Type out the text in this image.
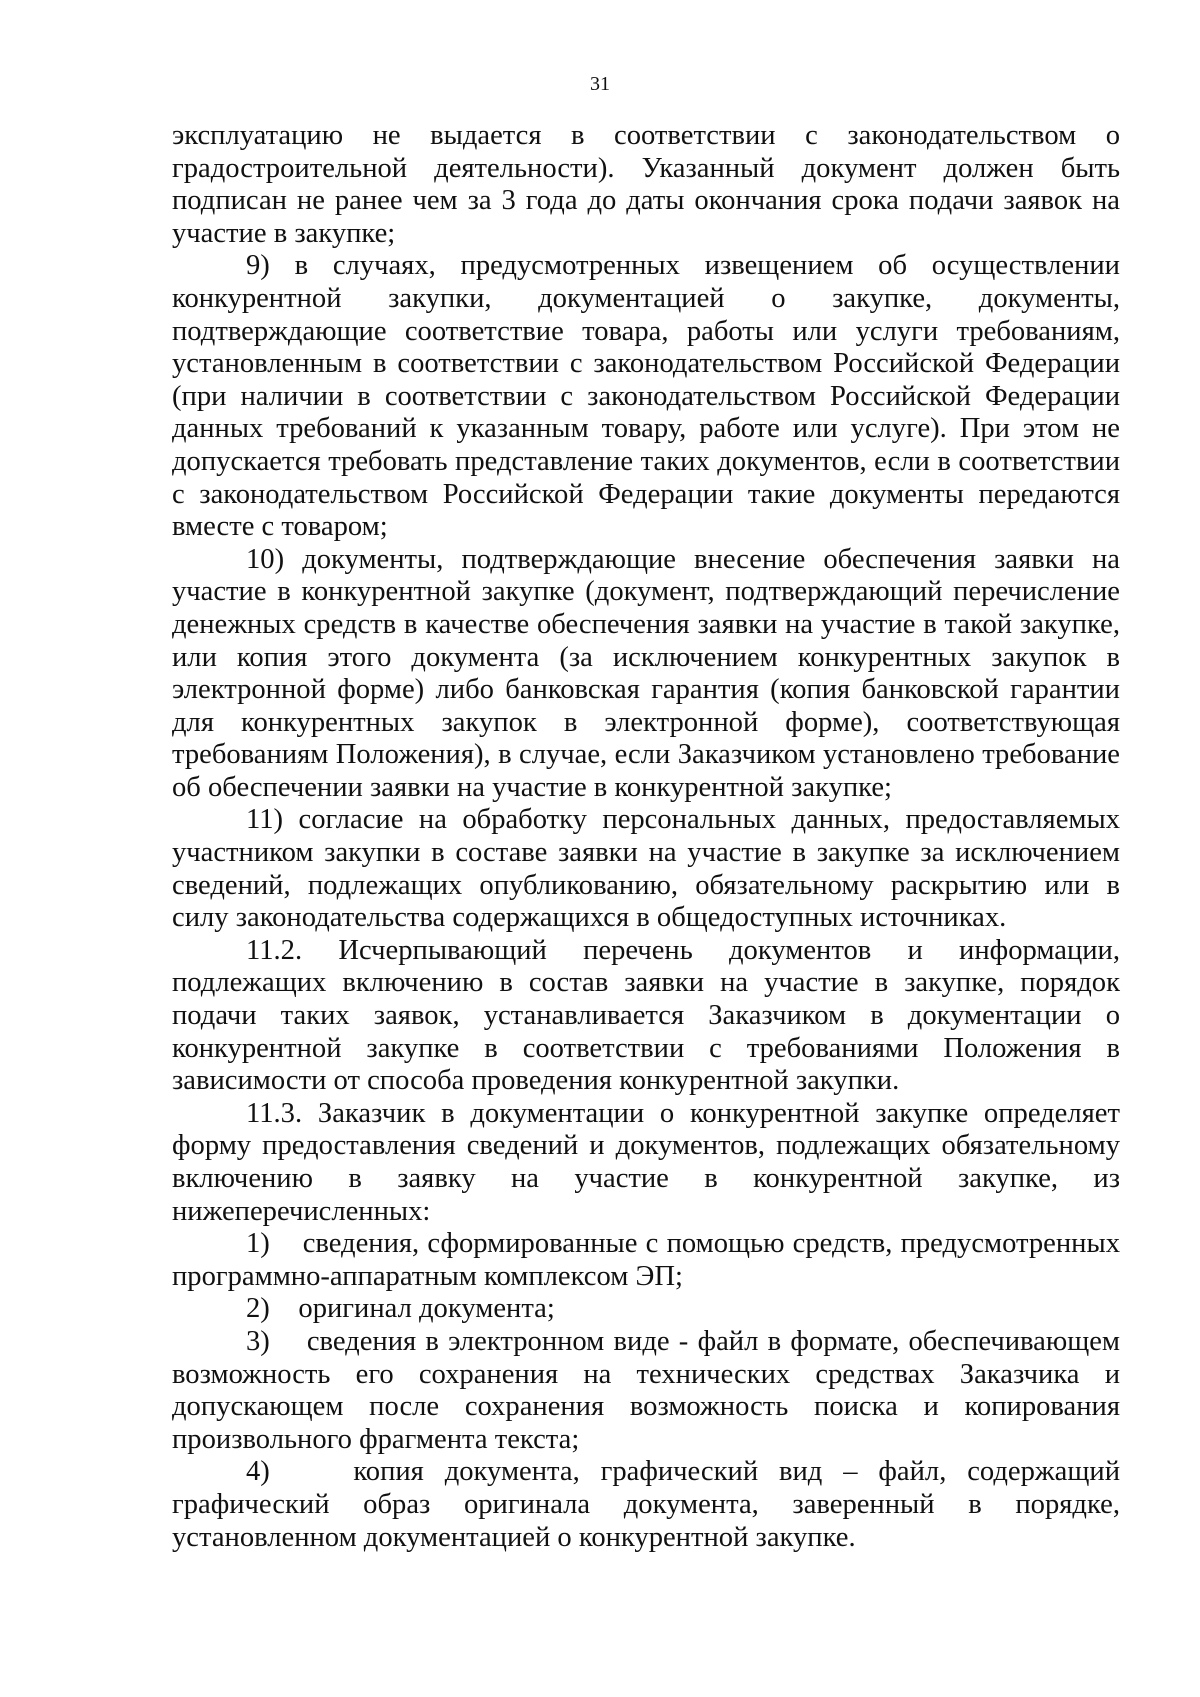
31

эксплуатацию не выдается в соответствии с законодательством о градостроительной деятельности). Указанный документ должен быть подписан не ранее чем за 3 года до даты окончания срока подачи заявок на участие в закупке;

9) в случаях, предусмотренных извещением об осуществлении конкурентной закупки, документацией о закупке, документы, подтверждающие соответствие товара, работы или услуги требованиям, установленным в соответствии с законодательством Российской Федерации (при наличии в соответствии с законодательством Российской Федерации данных требований к указанным товару, работе или услуге). При этом не допускается требовать представление таких документов, если в соответствии с законодательством Российской Федерации такие документы передаются вместе с товаром;

10) документы, подтверждающие внесение обеспечения заявки на участие в конкурентной закупке (документ, подтверждающий перечисление денежных средств в качестве обеспечения заявки на участие в такой закупке, или копия этого документа (за исключением конкурентных закупок в электронной форме) либо банковская гарантия (копия банковской гарантии для конкурентных закупок в электронной форме), соответствующая требованиям Положения), в случае, если Заказчиком установлено требование об обеспечении заявки на участие в конкурентной закупке;

11) согласие на обработку персональных данных, предоставляемых участником закупки в составе заявки на участие в закупке за исключением сведений, подлежащих опубликованию, обязательному раскрытию или в силу законодательства содержащихся в общедоступных источниках.

11.2. Исчерпывающий перечень документов и информации, подлежащих включению в состав заявки на участие в закупке, порядок подачи таких заявок, устанавливается Заказчиком в документации о конкурентной закупке в соответствии с требованиями Положения в зависимости от способа проведения конкурентной закупки.

11.3. Заказчик в документации о конкурентной закупке определяет форму предоставления сведений и документов, подлежащих обязательному включению в заявку на участие в конкурентной закупке, из нижеперечисленных:

1)    сведения, сформированные с помощью средств, предусмотренных программно-аппаратным комплексом ЭП;

2)    оригинал документа;

3)    сведения в электронном виде - файл в формате, обеспечивающем возможность его сохранения на технических средствах Заказчика и допускающем после сохранения возможность поиска и копирования произвольного фрагмента текста;

4)    копия документа, графический вид – файл, содержащий графический образ оригинала документа, заверенный в порядке, установленном документацией о конкурентной закупке.
